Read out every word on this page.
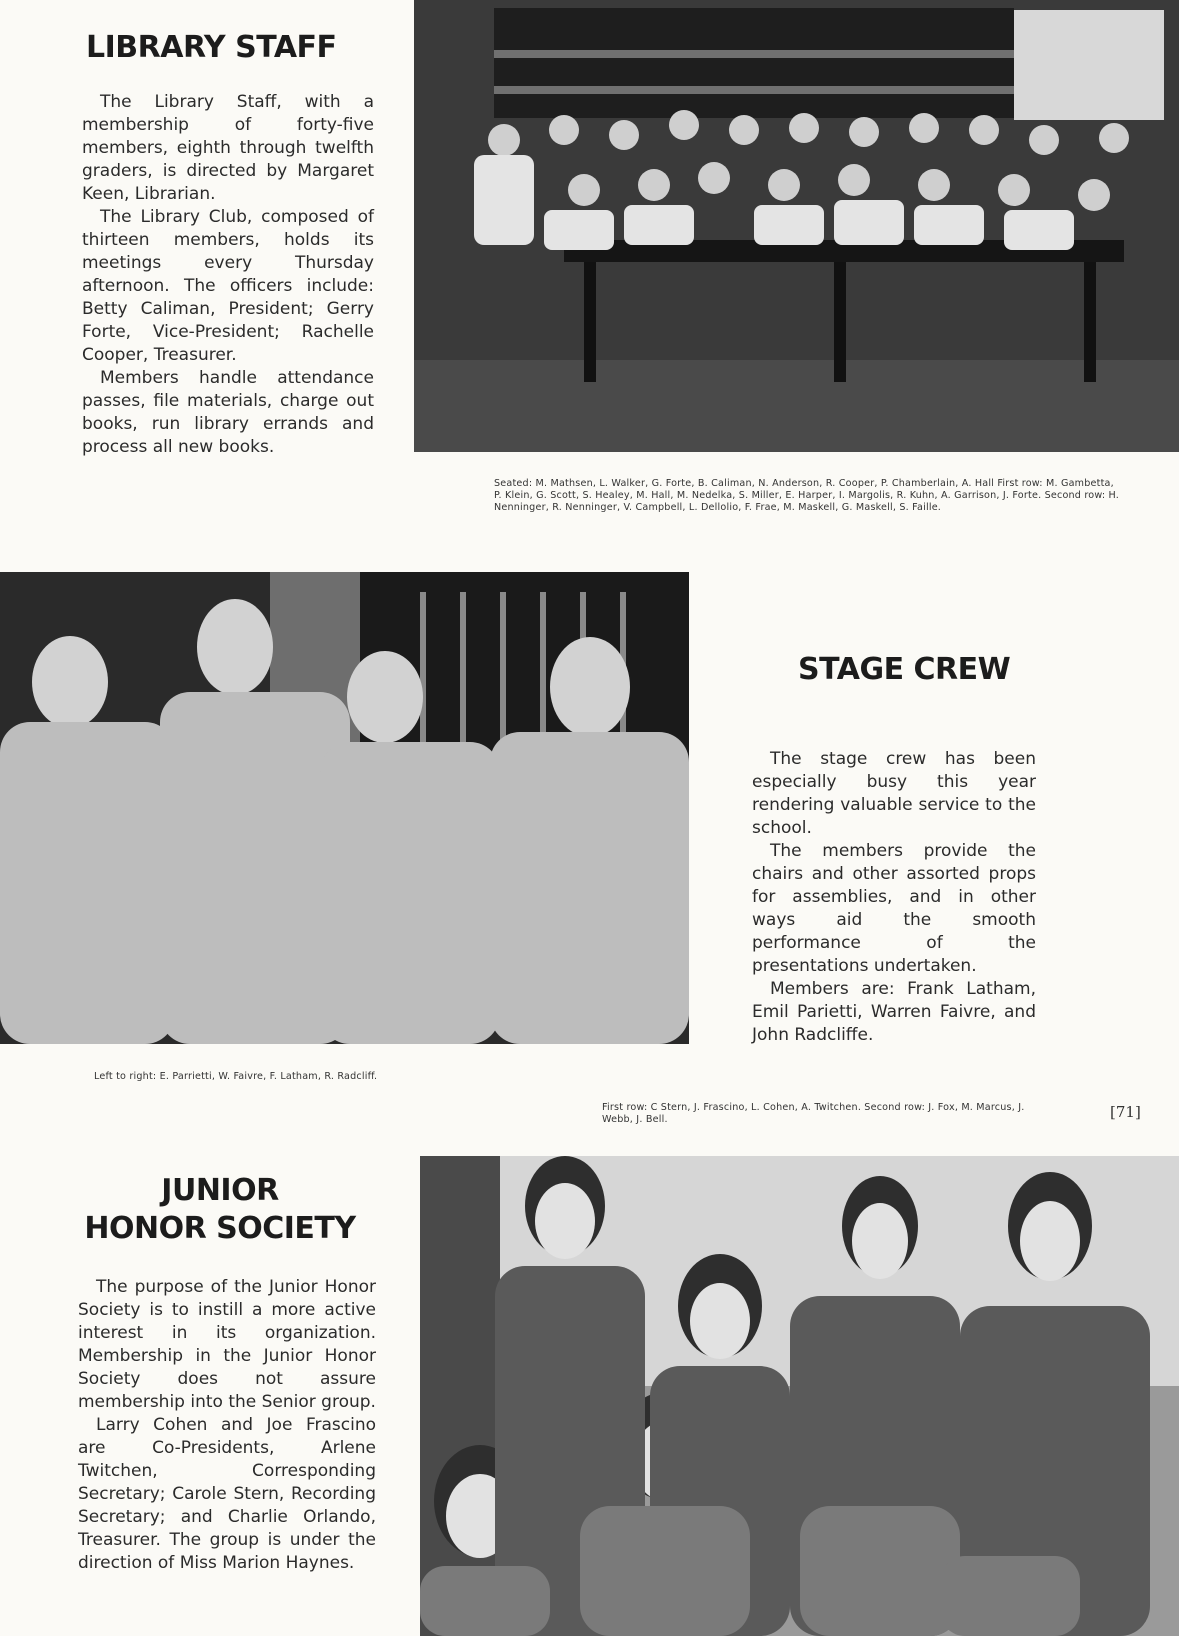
LIBRARY STAFF

The Library Staff, with a membership of forty-five members, eighth through twelfth graders, is directed by Margaret Keen, Librarian.

The Library Club, composed of thirteen members, holds its meetings every Thursday afternoon. The officers include: Betty Caliman, President; Gerry Forte, Vice-President; Rachelle Cooper, Treasurer.

Members handle attendance passes, file materials, charge out books, run library errands and process all new books.

Seated: M. Mathsen, L. Walker, G. Forte, B. Caliman, N. Anderson, R. Cooper, P. Chamberlain, A. Hall First row: M. Gambetta, P. Klein, G. Scott, S. Healey, M. Hall, M. Nedelka, S. Miller, E. Harper, I. Margolis, R. Kuhn, A. Garrison, J. Forte. Second row: H. Nenninger, R. Nenninger, V. Campbell, L. Dellolio, F. Frae, M. Maskell, G. Maskell, S. Faille.
STAGE CREW

The stage crew has been especially busy this year rendering valuable service to the school.

The members provide the chairs and other assorted props for assemblies, and in other ways aid the smooth performance of the presentations undertaken.

Members are: Frank Latham, Emil Parietti, Warren Faivre, and John Radcliffe.

Left to right: E. Parrietti, W. Faivre, F. Latham, R. Radcliff.
First row: C Stern, J. Frascino, L. Cohen, A. Twitchen. Second row: J. Fox, M. Marcus, J. Webb, J. Bell.	[71]
JUNIOR
HONOR SOCIETY

The purpose of the Junior Honor Society is to instill a more active interest in its organization. Membership in the Junior Honor Society does not assure membership into the Senior group.

Larry Cohen and Joe Frascino are Co-Presidents, Arlene Twitchen, Corresponding Secretary; Carole Stern, Recording Secretary; and Charlie Orlando, Treasurer. The group is under the direction of Miss Marion Haynes.
